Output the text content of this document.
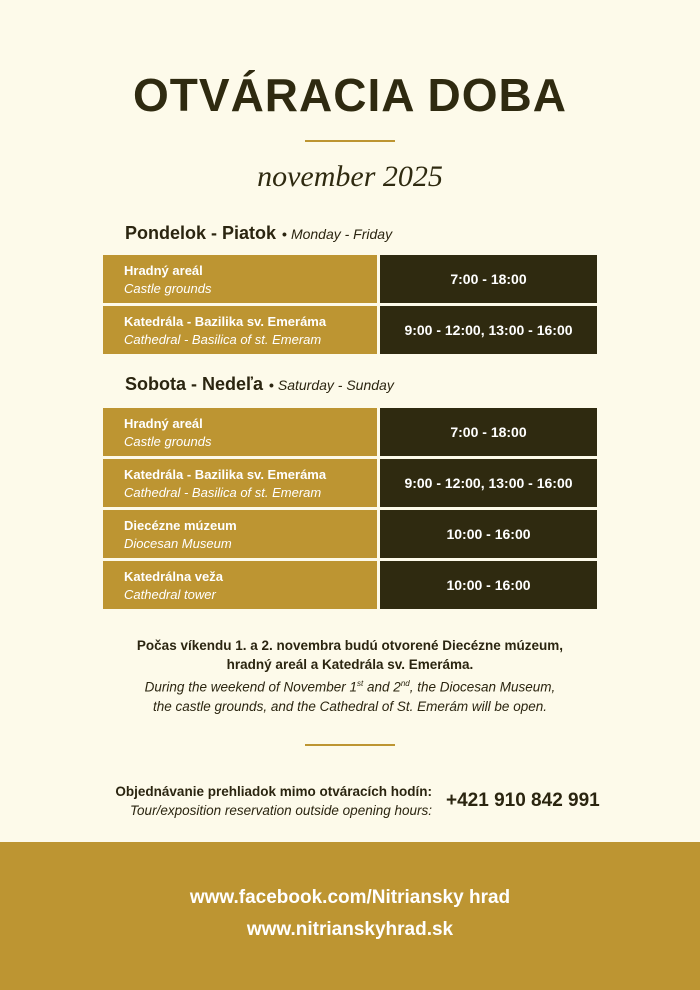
OTVÁRACIA DOBA
november 2025
Pondelok - Piatok • Monday - Friday
Hradný areál
Castle grounds
7:00 - 18:00
Katedrála - Bazilika sv. Emeráma
Cathedral - Basilica of st. Emeram
9:00 - 12:00, 13:00 - 16:00
Sobota - Nedeľa • Saturday - Sunday
Hradný areál
Castle grounds
7:00 - 18:00
Katedrála - Bazilika sv. Emeráma
Cathedral - Basilica of st. Emeram
9:00 - 12:00, 13:00 - 16:00
Diecézne múzeum
Diocesan Museum
10:00 - 16:00
Katedrálna veža
Cathedral tower
10:00 - 16:00
Počas víkendu 1. a 2. novembra budú otvorené Diecézne múzeum,
hradný areál a Katedrála sv. Emeráma.
During the weekend of November 1st and 2nd, the Diocesan Museum,
the castle grounds, and the Cathedral of St. Emerám will be open.
Objednávanie prehliadok mimo otváracích hodín:
Tour/exposition reservation outside opening hours: +421 910 842 991
www.facebook.com/Nitriansky hrad
www.nitrianskyhrad.sk
